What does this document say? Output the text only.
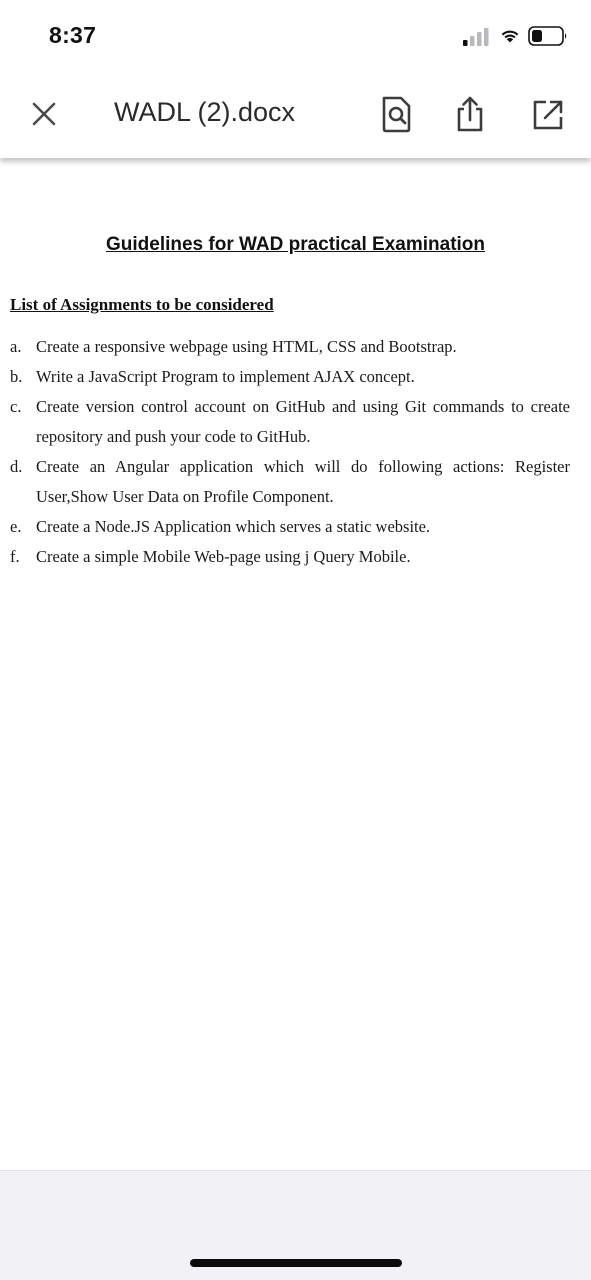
8:37
WADL (2).docx
Guidelines for WAD practical Examination
List of Assignments to be considered
a. Create a responsive webpage using HTML, CSS and Bootstrap.
b. Write a JavaScript Program to implement AJAX concept.
c. Create version control account on GitHub and using Git commands to create repository and push your code to GitHub.
d. Create an Angular application which will do following actions: Register User,Show User Data on Profile Component.
e. Create a Node.JS Application which serves a static website.
f. Create a simple Mobile Web-page using j Query Mobile.
